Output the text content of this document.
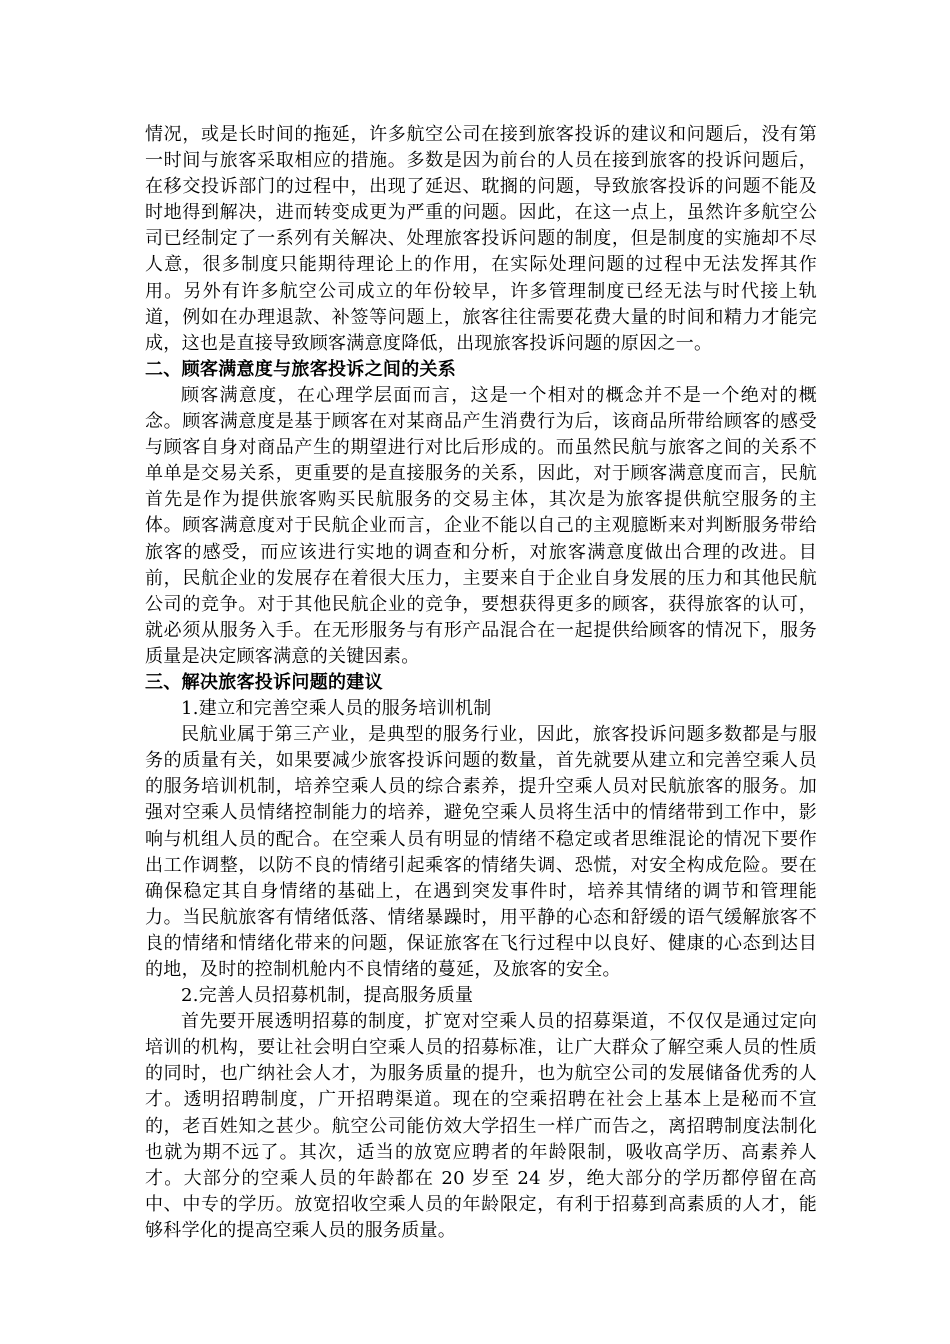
情况，或是长时间的拖延，许多航空公司在接到旅客投诉的建议和问题后，没有第一时间与旅客采取相应的措施。多数是因为前台的人员在接到旅客的投诉问题后，在移交投诉部门的过程中，出现了延迟、耽搁的问题，导致旅客投诉的问题不能及时地得到解决，进而转变成更为严重的问题。因此，在这一点上，虽然许多航空公司已经制定了一系列有关解决、处理旅客投诉问题的制度，但是制度的实施却不尽人意，很多制度只能期待理论上的作用，在实际处理问题的过程中无法发挥其作用。另外有许多航空公司成立的年份较早，许多管理制度已经无法与时代接上轨道，例如在办理退款、补签等问题上，旅客往往需要花费大量的时间和精力才能完成，这也是直接导致顾客满意度降低，出现旅客投诉问题的原因之一。

二、顾客满意度与旅客投诉之间的关系

顾客满意度，在心理学层面而言，这是一个相对的概念并不是一个绝对的概念。顾客满意度是基于顾客在对某商品产生消费行为后，该商品所带给顾客的感受与顾客自身对商品产生的期望进行对比后形成的。而虽然民航与旅客之间的关系不单单是交易关系，更重要的是直接服务的关系，因此，对于顾客满意度而言，民航首先是作为提供旅客购买民航服务的交易主体，其次是为旅客提供航空服务的主体。顾客满意度对于民航企业而言，企业不能以自己的主观臆断来对判断服务带给旅客的感受，而应该进行实地的调查和分析，对旅客满意度做出合理的改进。目前，民航企业的发展存在着很大压力，主要来自于企业自身发展的压力和其他民航公司的竞争。对于其他民航企业的竞争，要想获得更多的顾客，获得旅客的认可，就必须从服务入手。在无形服务与有形产品混合在一起提供给顾客的情况下，服务质量是决定顾客满意的关键因素。

三、解决旅客投诉问题的建议

1.建立和完善空乘人员的服务培训机制

民航业属于第三产业，是典型的服务行业，因此，旅客投诉问题多数都是与服务的质量有关，如果要减少旅客投诉问题的数量，首先就要从建立和完善空乘人员的服务培训机制，培养空乘人员的综合素养，提升空乘人员对民航旅客的服务。加强对空乘人员情绪控制能力的培养，避免空乘人员将生活中的情绪带到工作中，影响与机组人员的配合。在空乘人员有明显的情绪不稳定或者思维混论的情况下要作出工作调整，以防不良的情绪引起乘客的情绪失调、恐慌，对安全构成危险。要在确保稳定其自身情绪的基础上，在遇到突发事件时，培养其情绪的调节和管理能力。当民航旅客有情绪低落、情绪暴躁时，用平静的心态和舒缓的语气缓解旅客不良的情绪和情绪化带来的问题，保证旅客在飞行过程中以良好、健康的心态到达目的地，及时的控制机舱内不良情绪的蔓延，及旅客的安全。

2.完善人员招募机制，提高服务质量

首先要开展透明招募的制度，扩宽对空乘人员的招募渠道，不仅仅是通过定向培训的机构，要让社会明白空乘人员的招募标准，让广大群众了解空乘人员的性质的同时，也广纳社会人才，为服务质量的提升，也为航空公司的发展储备优秀的人才。透明招聘制度，广开招聘渠道。现在的空乘招聘在社会上基本上是秘而不宣的，老百姓知之甚少。航空公司能仿效大学招生一样广而告之，离招聘制度法制化也就为期不远了。其次，适当的放宽应聘者的年龄限制，吸收高学历、高素养人才。大部分的空乘人员的年龄都在 20 岁至 24 岁，绝大部分的学历都停留在高中、中专的学历。放宽招收空乘人员的年龄限定，有利于招募到高素质的人才，能够科学化的提高空乘人员的服务质量。
